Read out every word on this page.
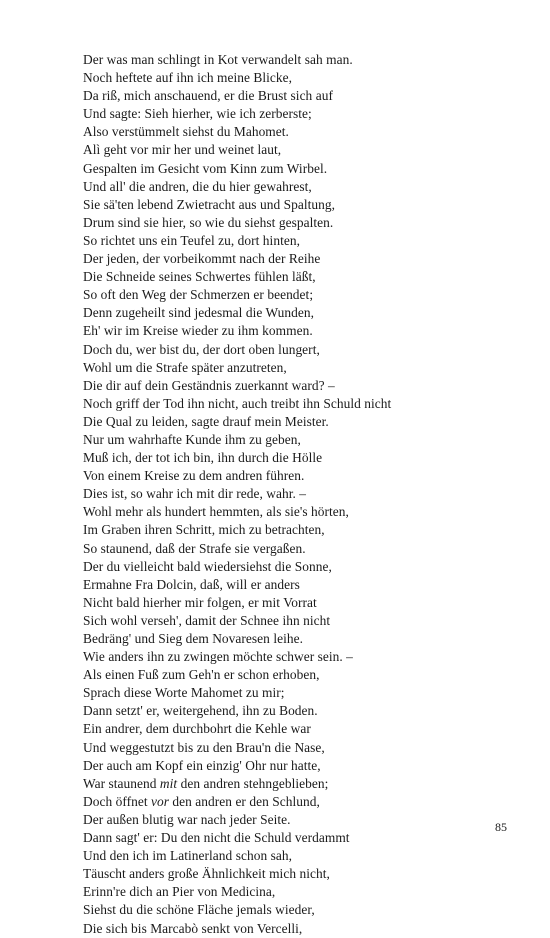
Der was man schlingt in Kot verwandelt sah man.
Noch heftete auf ihn ich meine Blicke,
Da riß, mich anschauend, er die Brust sich auf
Und sagte: Sieh hierher, wie ich zerberste;
Also verstümmelt siehst du Mahomet.
Alì geht vor mir her und weinet laut,
Gespalten im Gesicht vom Kinn zum Wirbel.
Und all' die andren, die du hier gewahrest,
Sie sä'ten lebend Zwietracht aus und Spaltung,
Drum sind sie hier, so wie du siehst gespalten.
So richtet uns ein Teufel zu, dort hinten,
Der jeden, der vorbeikommt nach der Reihe
Die Schneide seines Schwertes fühlen läßt,
So oft den Weg der Schmerzen er beendet;
Denn zugeheilt sind jedesmal die Wunden,
Eh' wir im Kreise wieder zu ihm kommen.
Doch du, wer bist du, der dort oben lungert,
Wohl um die Strafe später anzutreten,
Die dir auf dein Geständnis zuerkannt ward? –
Noch griff der Tod ihn nicht, auch treibt ihn Schuld nicht
Die Qual zu leiden, sagte drauf mein Meister.
Nur um wahrhafte Kunde ihm zu geben,
Muß ich, der tot ich bin, ihn durch die Hölle
Von einem Kreise zu dem andren führen.
Dies ist, so wahr ich mit dir rede, wahr. –
Wohl mehr als hundert hemmten, als sie's hörten,
Im Graben ihren Schritt, mich zu betrachten,
So staunend, daß der Strafe sie vergaßen.
Der du vielleicht bald wiedersiehst die Sonne,
Ermahne Fra Dolcin, daß, will er anders
Nicht bald hierher mir folgen, er mit Vorrat
Sich wohl verseh', damit der Schnee ihn nicht
Bedräng' und Sieg dem Novaresen leihe.
Wie anders ihn zu zwingen möchte schwer sein. –
Als einen Fuß zum Geh'n er schon erhoben,
Sprach diese Worte Mahomet zu mir;
Dann setzt' er, weitergehend, ihn zu Boden.
Ein andrer, dem durchbohrt die Kehle war
Und weggestutzt bis zu den Brau'n die Nase,
Der auch am Kopf ein einzig' Ohr nur hatte,
War staunend mit den andren stehngeblieben;
Doch öffnet vor den andren er den Schlund,
Der außen blutig war nach jeder Seite.
Dann sagt' er: Du den nicht die Schuld verdammt
Und den ich im Latinerland schon sah,
Täuscht anders große Ähnlichkeit mich nicht,
Erinn're dich an Pier von Medicina,
Siehst du die schöne Fläche jemals wieder,
Die sich bis Marcabò senkt von Vercelli,
85
